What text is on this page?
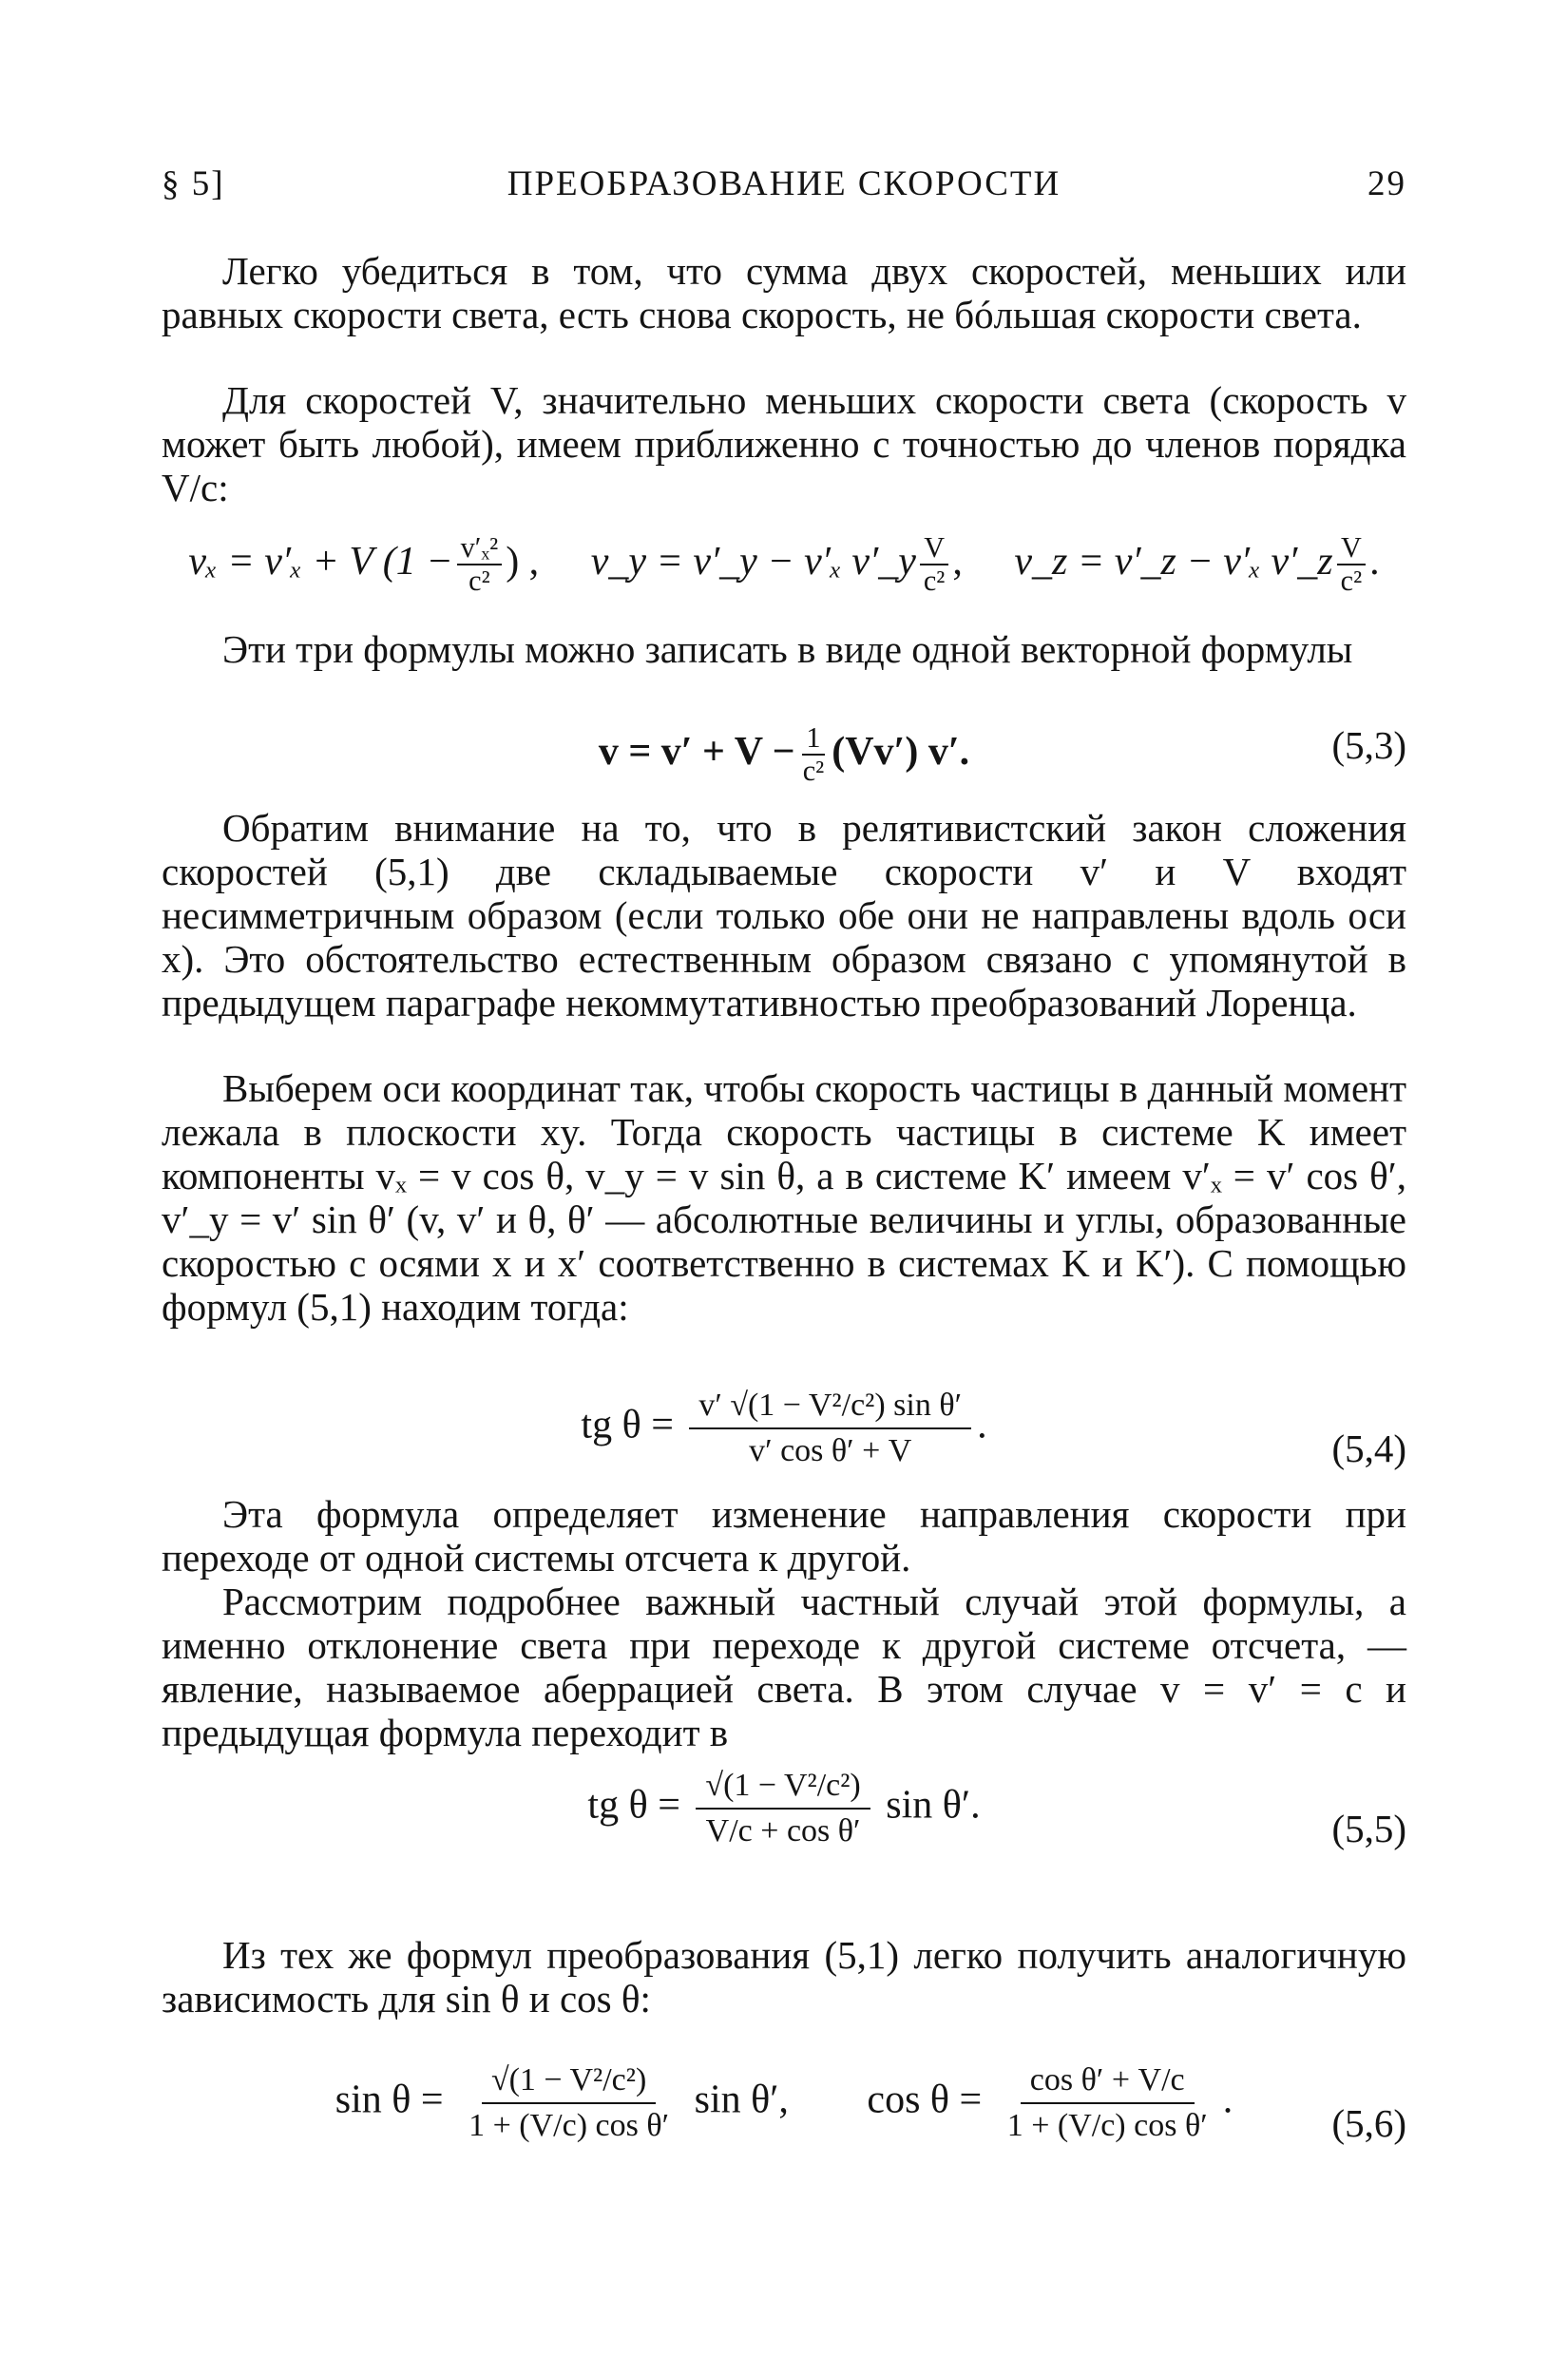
§ 5]	ПРЕОБРАЗОВАНИЕ СКОРОСТИ	29

Легко убедиться в том, что сумма двух скоростей, меньших или равных скорости света, есть снова скорость, не бóльшая скорости света.

Для скоростей V, значительно меньших скорости света (скорость v может быть любой), имеем приближенно с точностью до членов порядка V/c:

vₓ = v′ₓ + V ($1 - \frac{\text{v′ₓ²}}{\text{c²}}$ ) , v_y = v′_y − v′ₓ v′_y $\frac{V}{\text{c²}}$ , v_z = v′_z − v′ₓ v′_z $\frac{V}{\text{c²}}$ .

Эти три формулы можно записать в виде одной векторной формулы

$v = v' + V - \frac{1}{\text{c²}} (Vv')$ v′.	(5,3)

Обратим внимание на то, что в релятивистский закон сложения скоростей (5,1) две складываемые скорости v′ и V входят несимметричным образом (если только обе они не направлены вдоль оси x). Это обстоятельство естественным образом связано с упомянутой в предыдущем параграфе некоммутативностью преобразований Лоренца.

Выберем оси координат так, чтобы скорость частицы в данный момент лежала в плоскости xy. Тогда скорость частицы в системе K имеет компоненты vₓ = v cos θ, v_y = v sin θ, а в системе K′ имеем v′ₓ = v′ cos θ′, v′_y = v′ sin θ′ (v, v′ и θ, θ′ — абсолютные величины и углы, образованные скоростью с осями x и x′ соответственно в системах K и K′). С помощью формул (5,1) находим тогда:

tg $\theta = \frac{\text{v′ √(1 − V²/c²) sin θ′}}{\text{v′ cos θ′ + V}}$ .
(5,4)

Эта формула определяет изменение направления скорости при переходе от одной системы отсчета к другой.

Рассмотрим подробнее важный частный случай этой формулы, а именно отклонение света при переходе к другой системе отсчета, — явление, называемое аберрацией света. В этом случае v = v′ = c и предыдущая формула переходит в

tg $\theta = \frac{\text{√(1 − V²/c²)}}{\text{V/c + cos θ′}}$ sin θ′.
(5,5)

Из тех же формул преобразования (5,1) легко получить аналогичную зависимость для sin θ и cos θ:

$\sin \theta = \frac{\text{√(1 − V²/c²)}}{\text{1 + (V/c) cos θ′}}$ sin θ′, $\cos \theta = \frac{\text{cos θ′ + V/c}}{\text{1 + (V/c) cos θ′}}$ .
(5,6)
